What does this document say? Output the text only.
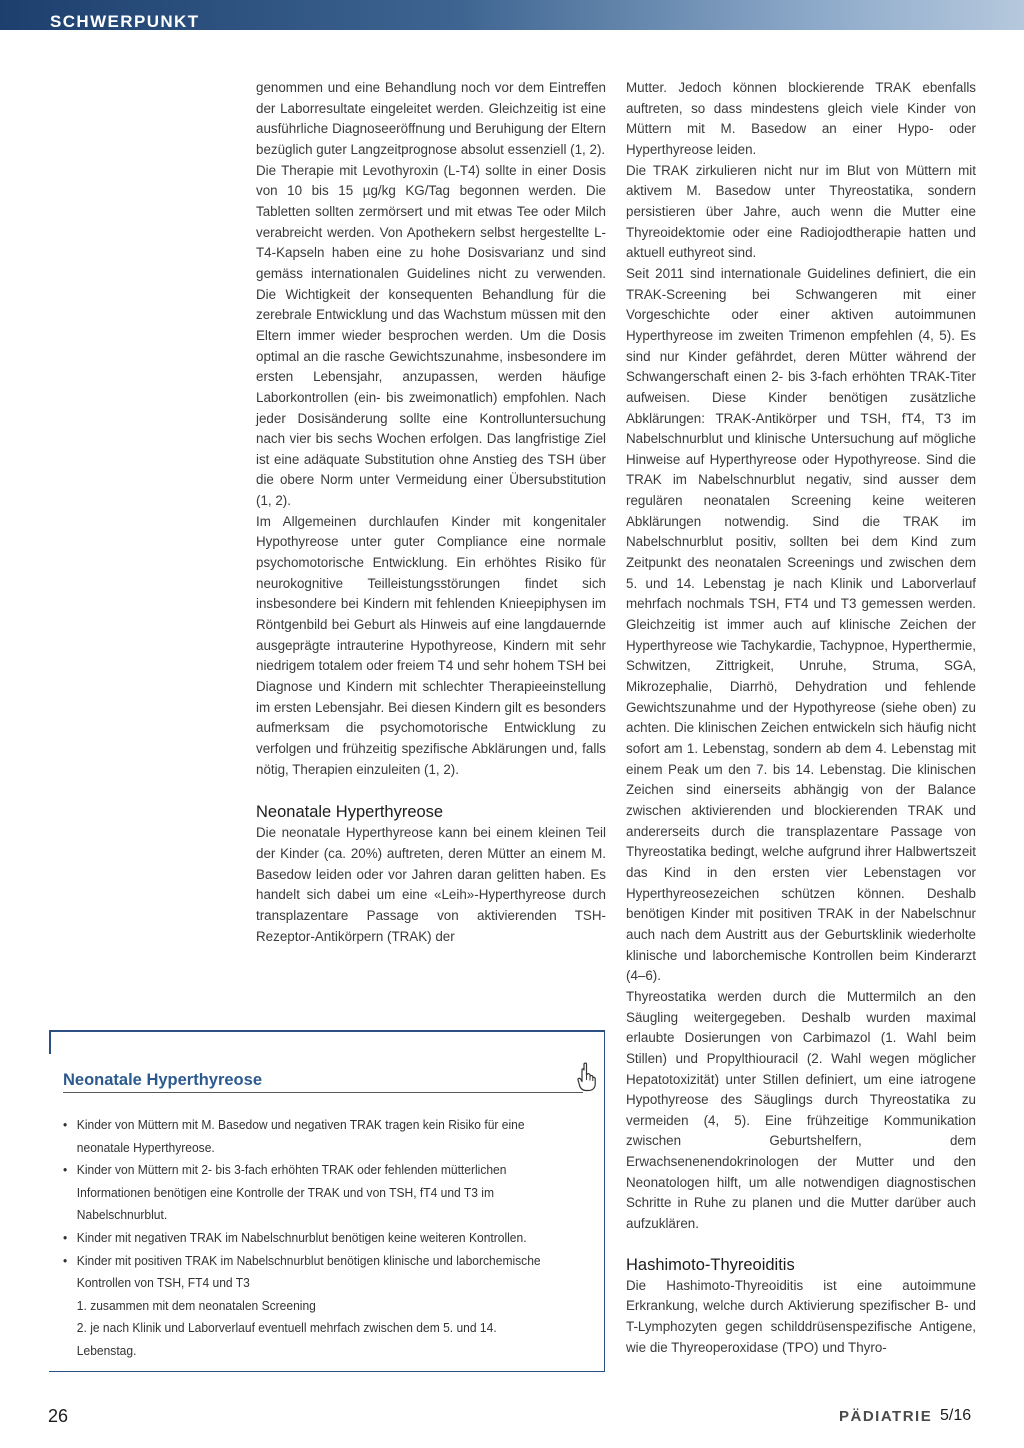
SCHWERPUNKT

genommen und eine Behandlung noch vor dem Eintreffen der Laborresultate eingeleitet werden. Gleichzeitig ist eine ausführliche Diagnoseeröffnung und Beruhigung der Eltern bezüglich guter Langzeitprognose absolut essenziell (1, 2).

Die Therapie mit Levothyroxin (L-T4) sollte in einer Dosis von 10 bis 15 µg/kg KG/Tag begonnen werden. Die Tabletten sollten zermörsert und mit etwas Tee oder Milch verabreicht werden. Von Apothekern selbst hergestellte L-T4-Kapseln haben eine zu hohe Dosisvarianz und sind gemäss internationalen Guidelines nicht zu verwenden. Die Wichtigkeit der konsequenten Behandlung für die zerebrale Entwicklung und das Wachstum müssen mit den Eltern immer wieder besprochen werden. Um die Dosis optimal an die rasche Gewichtszunahme, insbesondere im ersten Lebensjahr, anzupassen, werden häufige Laborkontrollen (ein- bis zweimonatlich) empfohlen. Nach jeder Dosisänderung sollte eine Kontrolluntersuchung nach vier bis sechs Wochen erfolgen. Das langfristige Ziel ist eine adäquate Substitution ohne Anstieg des TSH über die obere Norm unter Vermeidung einer Übersubstitution (1, 2).

Im Allgemeinen durchlaufen Kinder mit kongenitaler Hypothyreose unter guter Compliance eine normale psychomotorische Entwicklung. Ein erhöhtes Risiko für neurokognitive Teilleistungsstörungen findet sich insbesondere bei Kindern mit fehlenden Knieepiphysen im Röntgenbild bei Geburt als Hinweis auf eine langdauernde ausgeprägte intrauterine Hypothyreose, Kindern mit sehr niedrigem totalem oder freiem T4 und sehr hohem TSH bei Diagnose und Kindern mit schlechter Therapieeinstellung im ersten Lebensjahr. Bei diesen Kindern gilt es besonders aufmerksam die psychomotorische Entwicklung zu verfolgen und frühzeitig spezifische Abklärungen und, falls nötig, Therapien einzuleiten (1, 2).

Neonatale Hyperthyreose

Die neonatale Hyperthyreose kann bei einem kleinen Teil der Kinder (ca. 20%) auftreten, deren Mütter an einem M. Basedow leiden oder vor Jahren daran gelitten haben. Es handelt sich dabei um eine «Leih»-Hyperthyreose durch transplazentare Passage von aktivierenden TSH-Rezeptor-Antikörpern (TRAK) der

Mutter. Jedoch können blockierende TRAK ebenfalls auftreten, so dass mindestens gleich viele Kinder von Müttern mit M. Basedow an einer Hypo- oder Hyperthyreose leiden.

Die TRAK zirkulieren nicht nur im Blut von Müttern mit aktivem M. Basedow unter Thyreostatika, sondern persistieren über Jahre, auch wenn die Mutter eine Thyreoidektomie oder eine Radiojodtherapie hatten und aktuell euthyreot sind.

Seit 2011 sind internationale Guidelines definiert, die ein TRAK-Screening bei Schwangeren mit einer Vorgeschichte oder einer aktiven autoimmunen Hyperthyreose im zweiten Trimenon empfehlen (4, 5). Es sind nur Kinder gefährdet, deren Mütter während der Schwangerschaft einen 2- bis 3-fach erhöhten TRAK-Titer aufweisen. Diese Kinder benötigen zusätzliche Abklärungen: TRAK-Antikörper und TSH, fT4, T3 im Nabelschnurblut und klinische Untersuchung auf mögliche Hinweise auf Hyperthyreose oder Hypothyreose. Sind die TRAK im Nabelschnurblut negativ, sind ausser dem regulären neonatalen Screening keine weiteren Abklärungen notwendig. Sind die TRAK im Nabelschnurblut positiv, sollten bei dem Kind zum Zeitpunkt des neonatalen Screenings und zwischen dem 5. und 14. Lebenstag je nach Klinik und Laborverlauf mehrfach nochmals TSH, FT4 und T3 gemessen werden. Gleichzeitig ist immer auch auf klinische Zeichen der Hyperthyreose wie Tachykardie, Tachypnoe, Hyperthermie, Schwitzen, Zittrigkeit, Unruhe, Struma, SGA, Mikrozephalie, Diarrhö, Dehydration und fehlende Gewichtszunahme und der Hypothyreose (siehe oben) zu achten. Die klinischen Zeichen entwickeln sich häufig nicht sofort am 1. Lebenstag, sondern ab dem 4. Lebenstag mit einem Peak um den 7. bis 14. Lebenstag. Die klinischen Zeichen sind einerseits abhängig von der Balance zwischen aktivierenden und blockierenden TRAK und andererseits durch die transplazentare Passage von Thyreostatika bedingt, welche aufgrund ihrer Halbwertszeit das Kind in den ersten vier Lebenstagen vor Hyperthyreosezeichen schützen können. Deshalb benötigen Kinder mit positiven TRAK in der Nabelschnur auch nach dem Austritt aus der Geburtsklinik wiederholte klinische und laborchemische Kontrollen beim Kinderarzt (4–6).

Thyreostatika werden durch die Muttermilch an den Säugling weitergegeben. Deshalb wurden maximal erlaubte Dosierungen von Carbimazol (1. Wahl beim Stillen) und Propylthiouracil (2. Wahl wegen möglicher Hepatotoxizität) unter Stillen definiert, um eine iatrogene Hypothyreose des Säuglings durch Thyreostatika zu vermeiden (4, 5). Eine frühzeitige Kommunikation zwischen Geburtshelfern, dem Erwachsenenendokrinologen der Mutter und den Neonatologen hilft, um alle notwendigen diagnostischen Schritte in Ruhe zu planen und die Mutter darüber auch aufzuklären.

Hashimoto-Thyreoiditis

Die Hashimoto-Thyreoiditis ist eine autoimmune Erkrankung, welche durch Aktivierung spezifischer B- und T-Lymphozyten gegen schilddrüsenspezifische Antigene, wie die Thyreoperoxidase (TPO) und Thyro-

Neonatale Hyperthyreose
• Kinder von Müttern mit M. Basedow und negativen TRAK tragen kein Risiko für eine neonatale Hyperthyreose.
• Kinder von Müttern mit 2- bis 3-fach erhöhten TRAK oder fehlenden mütterlichen Informationen benötigen eine Kontrolle der TRAK und von TSH, fT4 und T3 im Nabelschnurblut.
• Kinder mit negativen TRAK im Nabelschnurblut benötigen keine weiteren Kontrollen.
• Kinder mit positiven TRAK im Nabelschnurblut benötigen klinische und laborchemische Kontrollen von TSH, FT4 und T3
1. zusammen mit dem neonatalen Screening
2. je nach Klinik und Laborverlauf eventuell mehrfach zwischen dem 5. und 14. Lebenstag.

26	PÄDIATRIE 5/16
